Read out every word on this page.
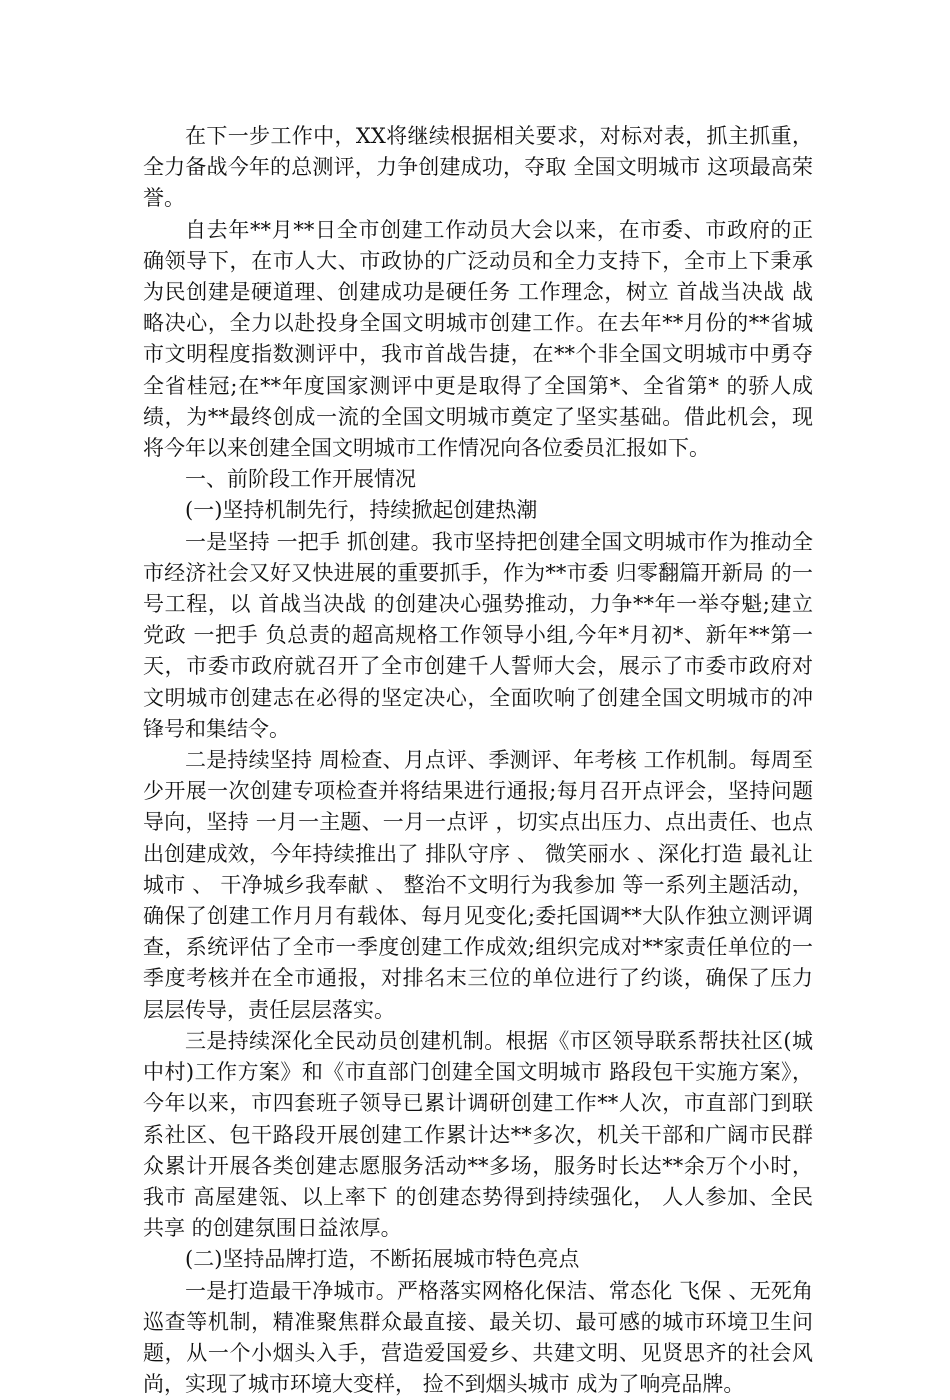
在下一步工作中，XX将继续根据相关要求，对标对表，抓主抓重，全力备战今年的总测评，力争创建成功，夺取 全国文明城市 这项最高荣誉。

自去年**月**日全市创建工作动员大会以来，在市委、市政府的正确领导下，在市人大、市政协的广泛动员和全力支持下，全市上下秉承 为民创建是硬道理、创建成功是硬任务 工作理念，树立 首战当决战 战略决心，全力以赴投身全国文明城市创建工作。在去年**月份的**省城市文明程度指数测评中，我市首战告捷，在**个非全国文明城市中勇夺全省桂冠;在**年度国家测评中更是取得了全国第*、全省第* 的骄人成绩，为**最终创成一流的全国文明城市奠定了坚实基础。借此机会，现将今年以来创建全国文明城市工作情况向各位委员汇报如下。

一、前阶段工作开展情况

(一)坚持机制先行，持续掀起创建热潮

一是坚持 一把手 抓创建。我市坚持把创建全国文明城市作为推动全市经济社会又好又快进展的重要抓手，作为**市委 归零翻篇开新局 的一号工程，以 首战当决战 的创建决心强势推动，力争**年一举夺魁;建立党政 一把手 负总责的超高规格工作领导小组,今年*月初*、新年**第一天，市委市政府就召开了全市创建千人誓师大会，展示了市委市政府对文明城市创建志在必得的坚定决心，全面吹响了创建全国文明城市的冲锋号和集结令。

二是持续坚持 周检查、月点评、季测评、年考核 工作机制。每周至少开展一次创建专项检查并将结果进行通报;每月召开点评会，坚持问题导向，坚持 一月一主题、一月一点评 ，切实点出压力、点出责任、也点出创建成效，今年持续推出了 排队守序 、 微笑丽水 、深化打造 最礼让城市 、 干净城乡我奉献 、 整治不文明行为我参加 等一系列主题活动，确保了创建工作月月有载体、每月见变化;委托国调**大队作独立测评调查，系统评估了全市一季度创建工作成效;组织完成对**家责任单位的一季度考核并在全市通报，对排名末三位的单位进行了约谈，确保了压力层层传导，责任层层落实。

三是持续深化全民动员创建机制。根据《市区领导联系帮扶社区(城中村)工作方案》和《市直部门创建全国文明城市 路段包干实施方案》，今年以来，市四套班子领导已累计调研创建工作**人次，市直部门到联系社区、包干路段开展创建工作累计达**多次，机关干部和广阔市民群众累计开展各类创建志愿服务活动**多场，服务时长达**余万个小时，我市 高屋建瓴、以上率下 的创建态势得到持续强化， 人人参加、全民共享 的创建氛围日益浓厚。

(二)坚持品牌打造，不断拓展城市特色亮点

一是打造最干净城市。严格落实网格化保洁、常态化 飞保 、无死角 巡查等机制，精准聚焦群众最直接、最关切、最可感的城市环境卫生问题，从一个小烟头入手，营造爱国爱乡、共建文明、见贤思齐的社会风尚，实现了城市环境大变样， 捡不到烟头城市 成为了响亮品牌。
